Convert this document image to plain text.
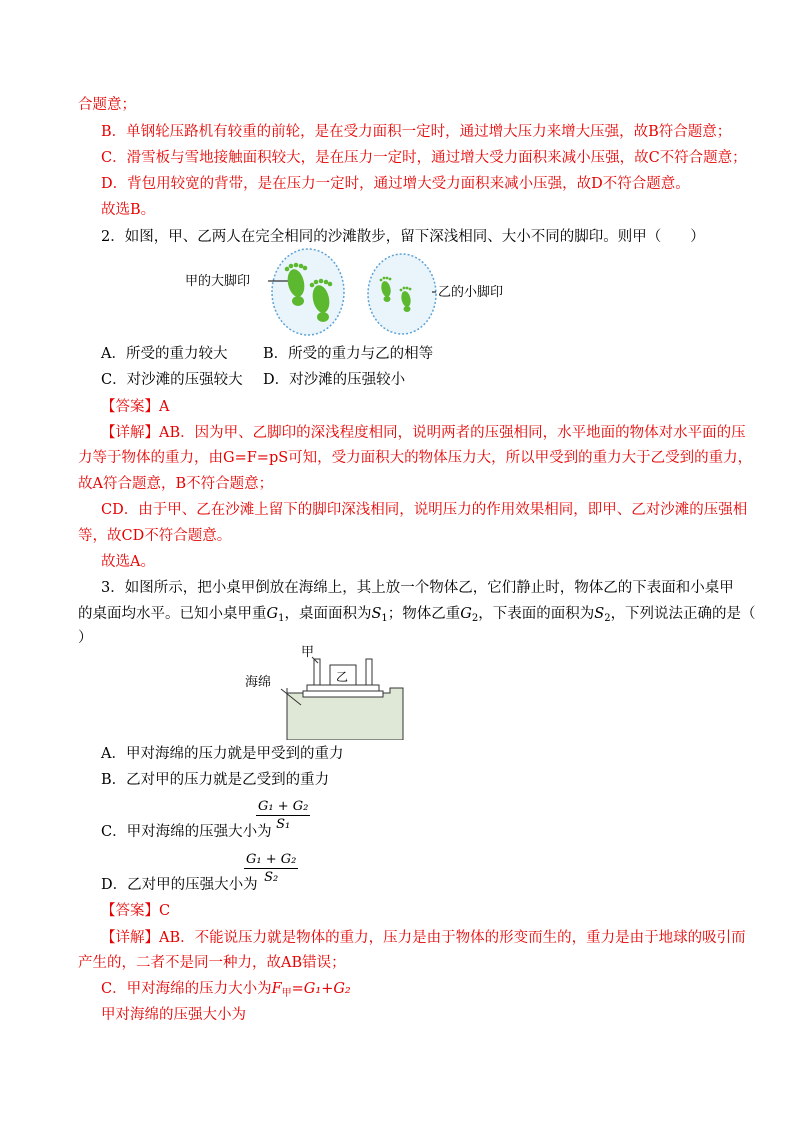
合题意；
B．单钢轮压路机有较重的前轮，是在受力面积一定时，通过增大压力来增大压强，故B符合题意；
C．滑雪板与雪地接触面积较大，是在压力一定时，通过增大受力面积来减小压强，故C不符合题意；
D．背包用较宽的背带，是在压力一定时，通过增大受力面积来减小压强，故D不符合题意。
故选B。
2．如图，甲、乙两人在完全相同的沙滩散步，留下深浅相同、大小不同的脚印。则甲（　　）
甲的大脚印
乙的小脚印
A．所受的重力较大 B．所受的重力与乙的相等
C．对沙滩的压强较大 D．对沙滩的压强较小
【答案】A
【详解】AB．因为甲、乙脚印的深浅程度相同，说明两者的压强相同，水平地面的物体对水平面的压
力等于物体的重力，由G=F=pS可知，受力面积大的物体压力大，所以甲受到的重力大于乙受到的重力，
故A符合题意，B不符合题意；
CD．由于甲、乙在沙滩上留下的脚印深浅相同，说明压力的作用效果相同，即甲、乙对沙滩的压强相
等，故CD不符合题意。
故选A。
3．如图所示，把小桌甲倒放在海绵上，其上放一个物体乙，它们静止时，物体乙的下表面和小桌甲
的桌面均水平。已知小桌甲重$G_1$，桌面面积为$S_1$；物体乙重$G_2$，下表面的面积为$S_2$，下列说法正确的是（
）
甲
乙
海绵
A．甲对海绵的压力就是甲受到的重力
B．乙对甲的压力就是乙受到的重力
C．甲对海绵的压强大小为
$\frac{\text{G₁ + G₂}}{\text{S₁}}$
D．乙对甲的压强大小为
$\frac{\text{G₁ + G₂}}{\text{S₂}}$
【答案】C
【详解】AB．不能说压力就是物体的重力，压力是由于物体的形变而生的，重力是由于地球的吸引而
产生的，二者不是同一种力，故AB错误；
C．甲对海绵的压力大小为$F_甲=G_1+G_2$
甲对海绵的压强大小为
